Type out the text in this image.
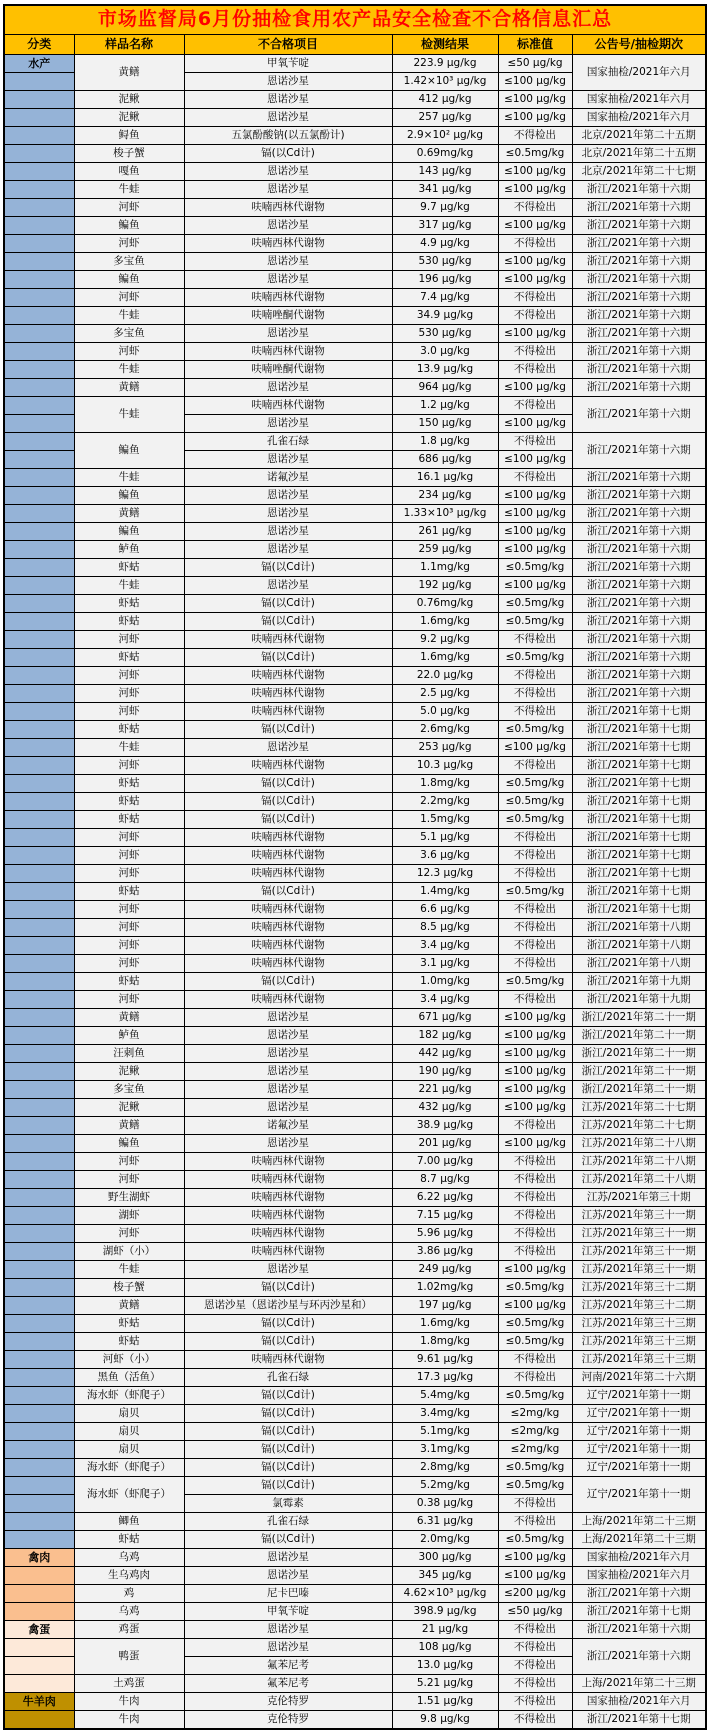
市场监督局6月份抽检食用农产品安全检查不合格信息汇总					
分类	样品名称	不合格项目	检测结果	标准值	公告号/抽检期次
水产	黄鳝	甲氧苄啶	223.9 μg/kg	≤50 μg/kg	国家抽检/2021年六月
		恩诺沙星	1.42×10³ μg/kg	≤100 μg/kg	
	泥鳅	恩诺沙星	412 μg/kg	≤100 μg/kg	国家抽检/2021年六月
	泥鳅	恩诺沙星	257 μg/kg	≤100 μg/kg	国家抽检/2021年六月
	鲟鱼	五氯酚酸钠(以五氯酚计)	2.9×10² μg/kg	不得检出	北京/2021年第二十五期
	梭子蟹	镉(以Cd计)	0.69mg/kg	≤0.5mg/kg	北京/2021年第二十五期
	嘎鱼	恩诺沙星	143 μg/kg	≤100 μg/kg	北京/2021年第二十七期
	牛蛙	恩诺沙星	341 μg/kg	≤100 μg/kg	浙江/2021年第十六期
	河虾	呋喃西林代谢物	9.7 μg/kg	不得检出	浙江/2021年第十六期
	鳊鱼	恩诺沙星	317 μg/kg	≤100 μg/kg	浙江/2021年第十六期
	河虾	呋喃西林代谢物	4.9 μg/kg	不得检出	浙江/2021年第十六期
	多宝鱼	恩诺沙星	530 μg/kg	≤100 μg/kg	浙江/2021年第十六期
	鳊鱼	恩诺沙星	196 μg/kg	≤100 μg/kg	浙江/2021年第十六期
	河虾	呋喃西林代谢物	7.4 μg/kg	不得检出	浙江/2021年第十六期
	牛蛙	呋喃唑酮代谢物	34.9 μg/kg	不得检出	浙江/2021年第十六期
	多宝鱼	恩诺沙星	530 μg/kg	≤100 μg/kg	浙江/2021年第十六期
	河虾	呋喃西林代谢物	3.0 μg/kg	不得检出	浙江/2021年第十六期
	牛蛙	呋喃唑酮代谢物	13.9 μg/kg	不得检出	浙江/2021年第十六期
	黄鳝	恩诺沙星	964 μg/kg	≤100 μg/kg	浙江/2021年第十六期
	牛蛙	呋喃西林代谢物	1.2 μg/kg	不得检出	浙江/2021年第十六期
		恩诺沙星	150 μg/kg	≤100 μg/kg	
	鳊鱼	孔雀石绿	1.8 μg/kg	不得检出	浙江/2021年第十六期
		恩诺沙星	686 μg/kg	≤100 μg/kg	
	牛蛙	诺氟沙星	16.1 μg/kg	不得检出	浙江/2021年第十六期
	鳊鱼	恩诺沙星	234 μg/kg	≤100 μg/kg	浙江/2021年第十六期
	黄鳝	恩诺沙星	1.33×10³ μg/kg	≤100 μg/kg	浙江/2021年第十六期
	鳊鱼	恩诺沙星	261 μg/kg	≤100 μg/kg	浙江/2021年第十六期
	鲈鱼	恩诺沙星	259 μg/kg	≤100 μg/kg	浙江/2021年第十六期
	虾蛄	镉(以Cd计)	1.1mg/kg	≤0.5mg/kg	浙江/2021年第十六期
	牛蛙	恩诺沙星	192 μg/kg	≤100 μg/kg	浙江/2021年第十六期
	虾蛄	镉(以Cd计)	0.76mg/kg	≤0.5mg/kg	浙江/2021年第十六期
	虾蛄	镉(以Cd计)	1.6mg/kg	≤0.5mg/kg	浙江/2021年第十六期
	河虾	呋喃西林代谢物	9.2 μg/kg	不得检出	浙江/2021年第十六期
	虾蛄	镉(以Cd计)	1.6mg/kg	≤0.5mg/kg	浙江/2021年第十六期
	河虾	呋喃西林代谢物	22.0 μg/kg	不得检出	浙江/2021年第十六期
	河虾	呋喃西林代谢物	2.5 μg/kg	不得检出	浙江/2021年第十六期
	河虾	呋喃西林代谢物	5.0 μg/kg	不得检出	浙江/2021年第十七期
	虾蛄	镉(以Cd计)	2.6mg/kg	≤0.5mg/kg	浙江/2021年第十七期
	牛蛙	恩诺沙星	253 μg/kg	≤100 μg/kg	浙江/2021年第十七期
	河虾	呋喃西林代谢物	10.3 μg/kg	不得检出	浙江/2021年第十七期
	虾蛄	镉(以Cd计)	1.8mg/kg	≤0.5mg/kg	浙江/2021年第十七期
	虾蛄	镉(以Cd计)	2.2mg/kg	≤0.5mg/kg	浙江/2021年第十七期
	虾蛄	镉(以Cd计)	1.5mg/kg	≤0.5mg/kg	浙江/2021年第十七期
	河虾	呋喃西林代谢物	5.1 μg/kg	不得检出	浙江/2021年第十七期
	河虾	呋喃西林代谢物	3.6 μg/kg	不得检出	浙江/2021年第十七期
	河虾	呋喃西林代谢物	12.3 μg/kg	不得检出	浙江/2021年第十七期
	虾蛄	镉(以Cd计)	1.4mg/kg	≤0.5mg/kg	浙江/2021年第十七期
	河虾	呋喃西林代谢物	6.6 μg/kg	不得检出	浙江/2021年第十七期
	河虾	呋喃西林代谢物	8.5 μg/kg	不得检出	浙江/2021年第十八期
	河虾	呋喃西林代谢物	3.4 μg/kg	不得检出	浙江/2021年第十八期
	河虾	呋喃西林代谢物	3.1 μg/kg	不得检出	浙江/2021年第十八期
	虾蛄	镉(以Cd计)	1.0mg/kg	≤0.5mg/kg	浙江/2021年第十九期
	河虾	呋喃西林代谢物	3.4 μg/kg	不得检出	浙江/2021年第十九期
	黄鳝	恩诺沙星	671 μg/kg	≤100 μg/kg	浙江/2021年第二十一期
	鲈鱼	恩诺沙星	182 μg/kg	≤100 μg/kg	浙江/2021年第二十一期
	汪刺鱼	恩诺沙星	442 μg/kg	≤100 μg/kg	浙江/2021年第二十一期
	泥鳅	恩诺沙星	190 μg/kg	≤100 μg/kg	浙江/2021年第二十一期
	多宝鱼	恩诺沙星	221 μg/kg	≤100 μg/kg	浙江/2021年第二十一期
	泥鳅	恩诺沙星	432 μg/kg	≤100 μg/kg	江苏/2021年第二十七期
	黄鳝	诺氟沙星	38.9 μg/kg	不得检出	江苏/2021年第二十七期
	鳊鱼	恩诺沙星	201 μg/kg	≤100 μg/kg	江苏/2021年第二十八期
	河虾	呋喃西林代谢物	7.00 μg/kg	不得检出	江苏/2021年第二十八期
	河虾	呋喃西林代谢物	8.7 μg/kg	不得检出	江苏/2021年第二十八期
	野生湖虾	呋喃西林代谢物	6.22 μg/kg	不得检出	江苏/2021年第三十期
	湖虾	呋喃西林代谢物	7.15 μg/kg	不得检出	江苏/2021年第三十一期
	河虾	呋喃西林代谢物	5.96 μg/kg	不得检出	江苏/2021年第三十一期
	湖虾（小）	呋喃西林代谢物	3.86 μg/kg	不得检出	江苏/2021年第三十一期
	牛蛙	恩诺沙星	249 μg/kg	≤100 μg/kg	江苏/2021年第三十一期
	梭子蟹	镉(以Cd计)	1.02mg/kg	≤0.5mg/kg	江苏/2021年第三十二期
	黄鳝	恩诺沙星（恩诺沙星与环丙沙星和）	197 μg/kg	≤100 μg/kg	江苏/2021年第三十二期
	虾蛄	镉(以Cd计)	1.6mg/kg	≤0.5mg/kg	江苏/2021年第三十三期
	虾蛄	镉(以Cd计)	1.8mg/kg	≤0.5mg/kg	江苏/2021年第三十三期
	河虾（小）	呋喃西林代谢物	9.61 μg/kg	不得检出	江苏/2021年第三十三期
	黑鱼（活鱼）	孔雀石绿	17.3 μg/kg	不得检出	河南/2021年第二十六期
	海水虾（虾爬子）	镉(以Cd计)	5.4mg/kg	≤0.5mg/kg	辽宁/2021年第十一期
	扇贝	镉(以Cd计)	3.4mg/kg	≤2mg/kg	辽宁/2021年第十一期
	扇贝	镉(以Cd计)	5.1mg/kg	≤2mg/kg	辽宁/2021年第十一期
	扇贝	镉(以Cd计)	3.1mg/kg	≤2mg/kg	辽宁/2021年第十一期
	海水虾（虾爬子）	镉(以Cd计)	2.8mg/kg	≤0.5mg/kg	辽宁/2021年第十一期
	海水虾（虾爬子）	镉(以Cd计)	5.2mg/kg	≤0.5mg/kg	辽宁/2021年第十一期
		氯霉素	0.38 μg/kg	不得检出	
	鲫鱼	孔雀石绿	6.31 μg/kg	不得检出	上海/2021年第二十三期
	虾蛄	镉(以Cd计)	2.0mg/kg	≤0.5mg/kg	上海/2021年第二十三期
禽肉	乌鸡	恩诺沙星	300 μg/kg	≤100 μg/kg	国家抽检/2021年六月
	生乌鸡肉	恩诺沙星	345 μg/kg	≤100 μg/kg	国家抽检/2021年六月
	鸡	尼卡巴嗪	4.62×10³ μg/kg	≤200 μg/kg	浙江/2021年第十六期
	乌鸡	甲氧苄啶	398.9 μg/kg	≤50 μg/kg	浙江/2021年第十七期
禽蛋	鸡蛋	恩诺沙星	21 μg/kg	不得检出	浙江/2021年第十六期
	鸭蛋	恩诺沙星	108 μg/kg	不得检出	浙江/2021年第十六期
		氟苯尼考	13.0 μg/kg	不得检出	
	土鸡蛋	氟苯尼考	5.21 μg/kg	不得检出	上海/2021年第二十三期
牛羊肉	牛肉	克伦特罗	1.51 μg/kg	不得检出	国家抽检/2021年六月
	牛肉	克伦特罗	9.8 μg/kg	不得检出	浙江/2021年第十七期
